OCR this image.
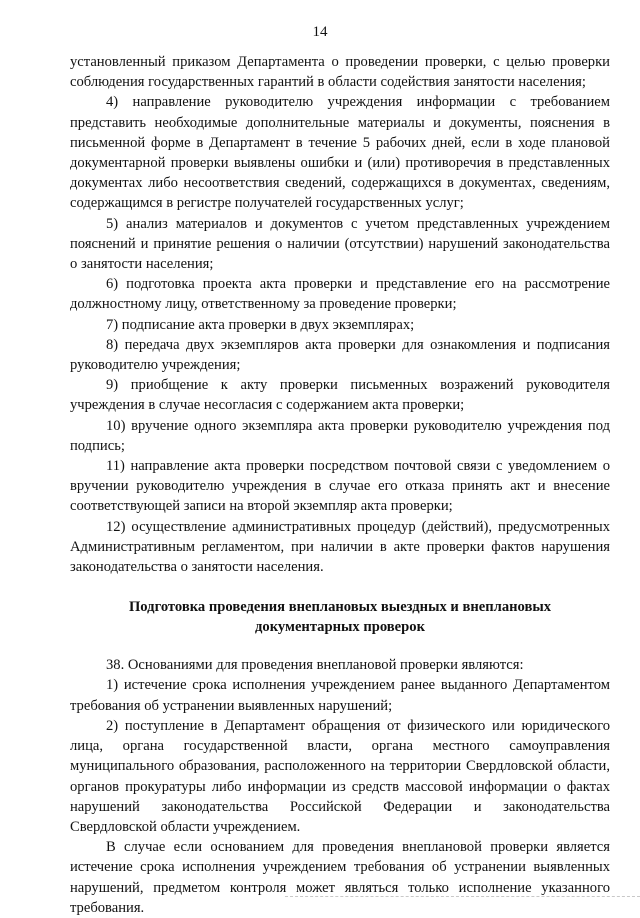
14

установленный приказом Департамента о проведении проверки, с целью проверки соблюдения государственных гарантий в области содействия занятости населения;

4) направление руководителю учреждения информации с требованием представить необходимые дополнительные материалы и документы, пояснения в письменной форме в Департамент в течение 5 рабочих дней, если в ходе плановой документарной проверки выявлены ошибки и (или) противоречия в представленных документах либо несоответствия сведений, содержащихся в документах, сведениям, содержащимся в регистре получателей государственных услуг;

5) анализ материалов и документов с учетом представленных учреждением пояснений и принятие решения о наличии (отсутствии) нарушений законодательства о занятости населения;

6) подготовка проекта акта проверки и представление его на рассмотрение должностному лицу, ответственному за проведение проверки;

7) подписание акта проверки в двух экземплярах;

8) передача двух экземпляров акта проверки для ознакомления и подписания руководителю учреждения;

9) приобщение к акту проверки письменных возражений руководителя учреждения в случае несогласия с содержанием акта проверки;

10) вручение одного экземпляра акта проверки руководителю учреждения под подпись;

11) направление акта проверки посредством почтовой связи с уведомлением о вручении руководителю учреждения в случае его отказа принять акт и внесение соответствующей записи на второй экземпляр акта проверки;

12) осуществление административных процедур (действий), предусмотренных Административным регламентом, при наличии в акте проверки фактов нарушения законодательства о занятости населения.

Подготовка проведения внеплановых выездных и внеплановых
документарных проверок

38. Основаниями для проведения внеплановой проверки являются:

1) истечение срока исполнения учреждением ранее выданного Департаментом требования об устранении выявленных нарушений;

2) поступление в Департамент обращения от физического или юридического лица, органа государственной власти, органа местного самоуправления муниципального образования, расположенного на территории Свердловской области, органов прокуратуры либо информации из средств массовой информации о фактах нарушений законодательства Российской Федерации и законодательства Свердловской области учреждением.

В случае если основанием для проведения внеплановой проверки является истечение срока исполнения учреждением требования об устранении выявленных нарушений, предметом контроля может являться только исполнение указанного требования.
